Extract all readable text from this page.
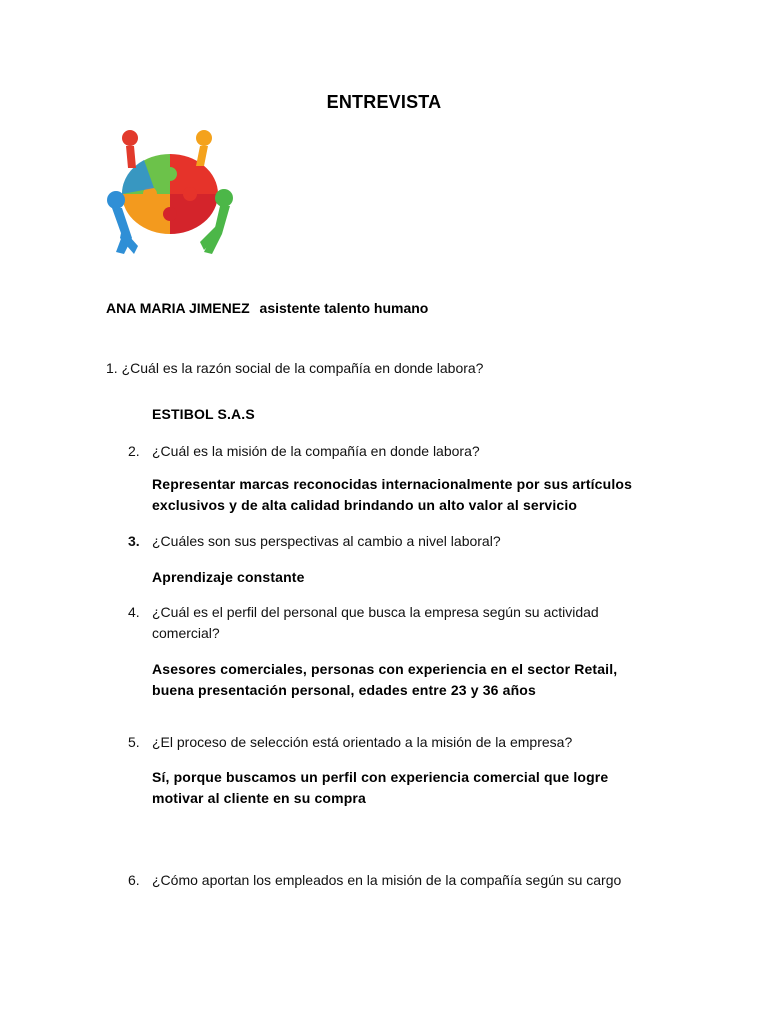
ENTREVISTA
ANA MARIA JIMENEZ asistente talento humano
1. ¿Cuál es la razón social de la compañía en donde labora?
ESTIBOL S.A.S
2. ¿Cuál es la misión de la compañía en donde labora?
Representar marcas reconocidas internacionalmente por sus artículos
exclusivos y de alta calidad brindando un alto valor al servicio
3. ¿Cuáles son sus perspectivas al cambio a nivel laboral?
Aprendizaje constante
4. ¿Cuál es el perfil del personal que busca la empresa según su actividad
comercial?
Asesores comerciales, personas con experiencia en el sector Retail,
buena presentación personal, edades entre 23 y 36 años
5. ¿El proceso de selección está orientado a la misión de la empresa?
Sí, porque buscamos un perfil con experiencia comercial que logre
motivar al cliente en su compra
6. ¿Cómo aportan los empleados en la misión de la compañía según su cargo
